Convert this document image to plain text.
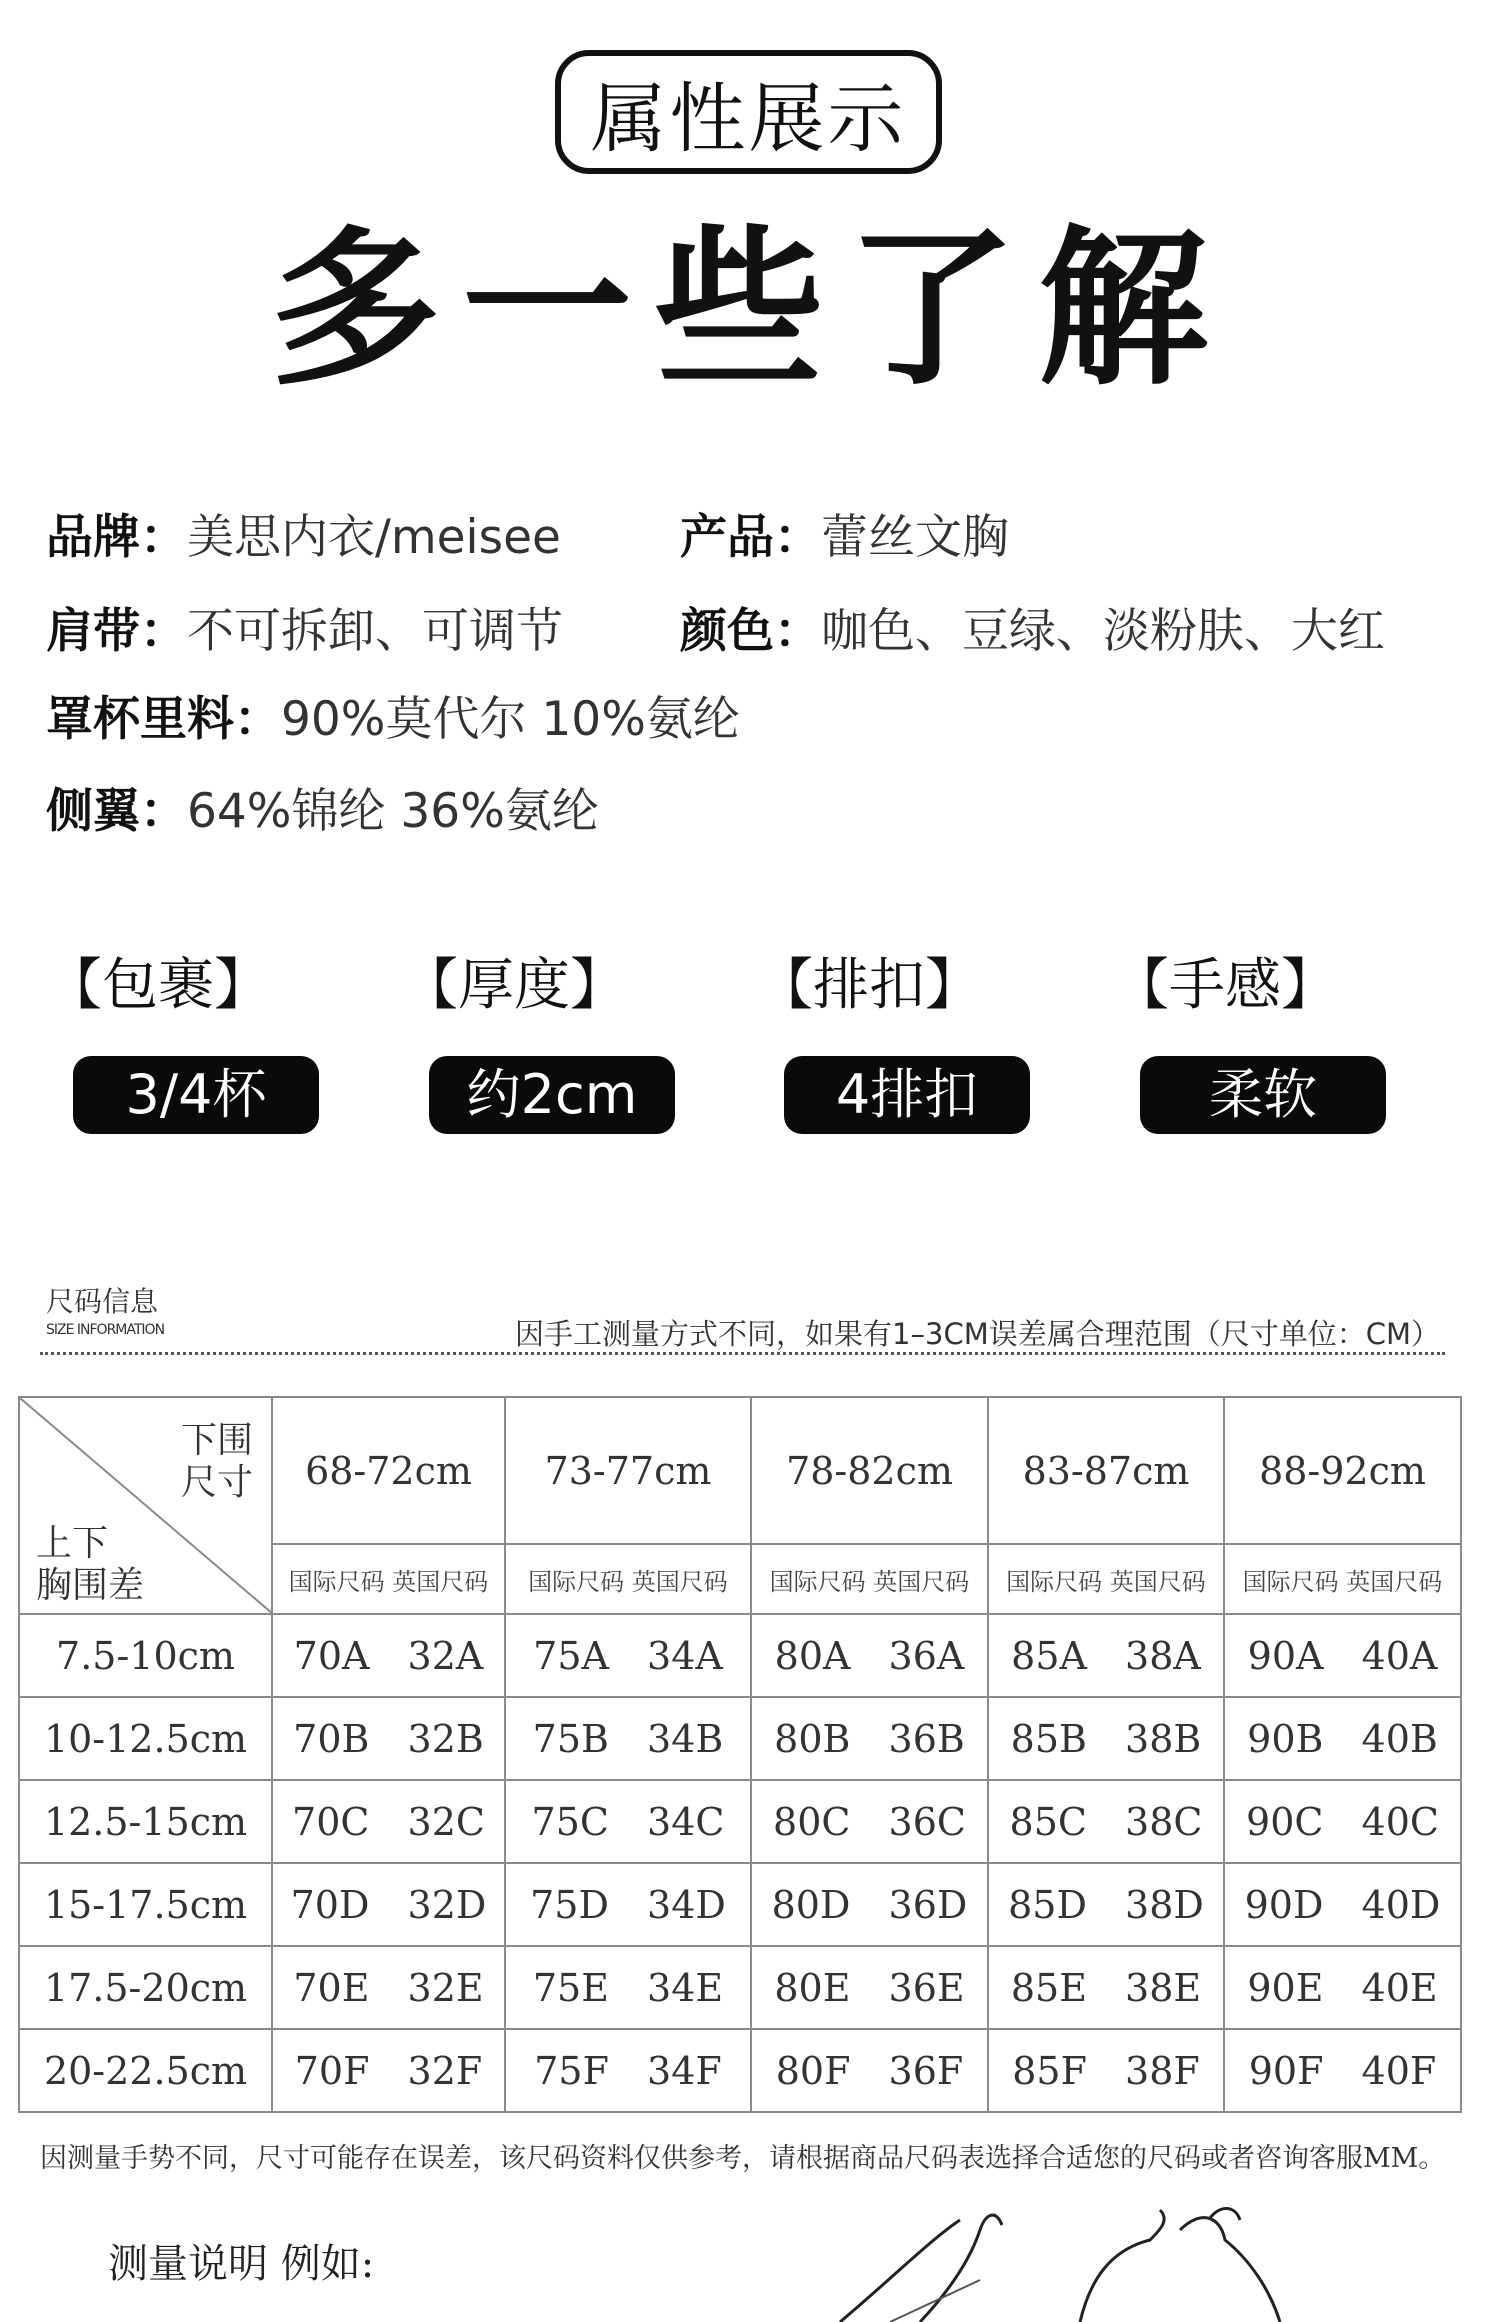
属性展示
多一些了解
品牌：美思内衣/meisee	产品：蕾丝文胸
肩带：不可拆卸、可调节 颜色：咖色、豆绿、淡粉肤、大红
罩杯里料：90%莫代尔 10%氨纶
侧翼：64%锦纶 36%氨纶
【包裹】
3/4杯
【厚度】
约2cm
【排扣】
4排扣
【手感】
柔软
尺码信息
SIZE INFORMATION	因手工测量方式不同，如果有1–3CM误差属合理范围（尺寸单位：CM）
下围
尺寸
上下
胸围差	68-72cm	73-77cm	78-82cm	83-87cm	88-92cm
	国际尺码 英国尺码	国际尺码 英国尺码	国际尺码 英国尺码	国际尺码 英国尺码	国际尺码 英国尺码
7.5-10cm	70A 32A	75A 34A	80A 36A	85A 38A	90A 40A
10-12.5cm	70B 32B	75B 34B	80B 36B	85B 38B	90B 40B
12.5-15cm	70C 32C	75C 34C	80C 36C	85C 38C	90C 40C
15-17.5cm	70D 32D	75D 34D	80D 36D	85D 38D	90D 40D
17.5-20cm	70E 32E	75E 34E	80E 36E	85E 38E	90E 40E
20-22.5cm	70F 32F	75F 34F	80F 36F	85F 38F	90F 40F
因测量手势不同，尺寸可能存在误差，该尺码资料仅供参考，请根据商品尺码表选择合适您的尺码或者咨询客服MM。
测量说明 例如:
